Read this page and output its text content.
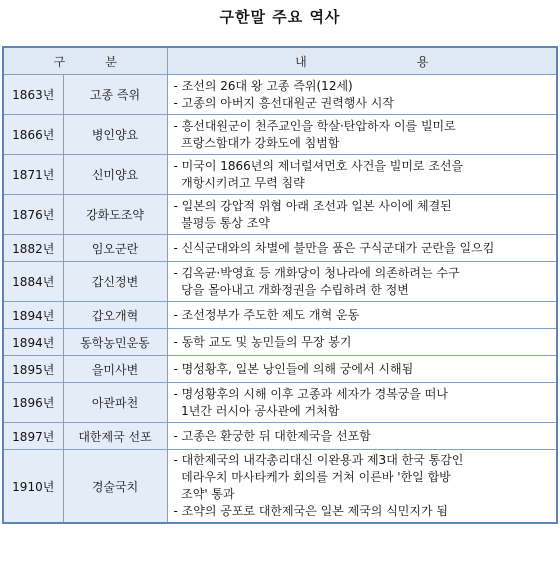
구한말 주요 역사
구 분		내 용
1863년	고종 즉위	- 조선의 26대 왕 고종 즉위(12세)
- 고종의 아버지 흥선대원군 권력행사 시작

1866년	병인양요	- 흥선대원군이 천주교인을 학살·탄압하자 이를 빌미로
프랑스함대가 강화도에 침범함

1871년	신미양요	- 미국이 1866년의 제너럴셔먼호 사건을 빌미로 조선을
개항시키려고 무력 침략

1876년	강화도조약	- 일본의 강압적 위협 아래 조선과 일본 사이에 체결된
불평등 통상 조약

1882년	임오군란	- 신식군대와의 차별에 불만을 품은 구식군대가 군란을 일으킴

1884년	갑신정변	- 김옥균·박영효 등 개화당이 청나라에 의존하려는 수구
당을 몰아내고 개화정권을 수립하려 한 정변

1894년	갑오개혁	- 조선정부가 주도한 제도 개혁 운동

1894년	동학농민운동	- 동학 교도 및 농민들의 무장 봉기

1895년	을미사변	- 명성황후, 일본 낭인들에 의해 궁에서 시해됨

1896년	아관파천	- 명성황후의 시해 이후 고종과 세자가 경복궁을 떠나
1년간 러시아 공사관에 거처함

1897년	대한제국 선포	- 고종은 환궁한 뒤 대한제국을 선포함

1910년	경술국치	- 대한제국의 내각총리대신 이완용과 제3대 한국 통감인
데라우치 마사타케가 회의를 거쳐 이른바 '한일 합방
조약' 통과
- 조약의 공포로 대한제국은 일본 제국의 식민지가 됨
